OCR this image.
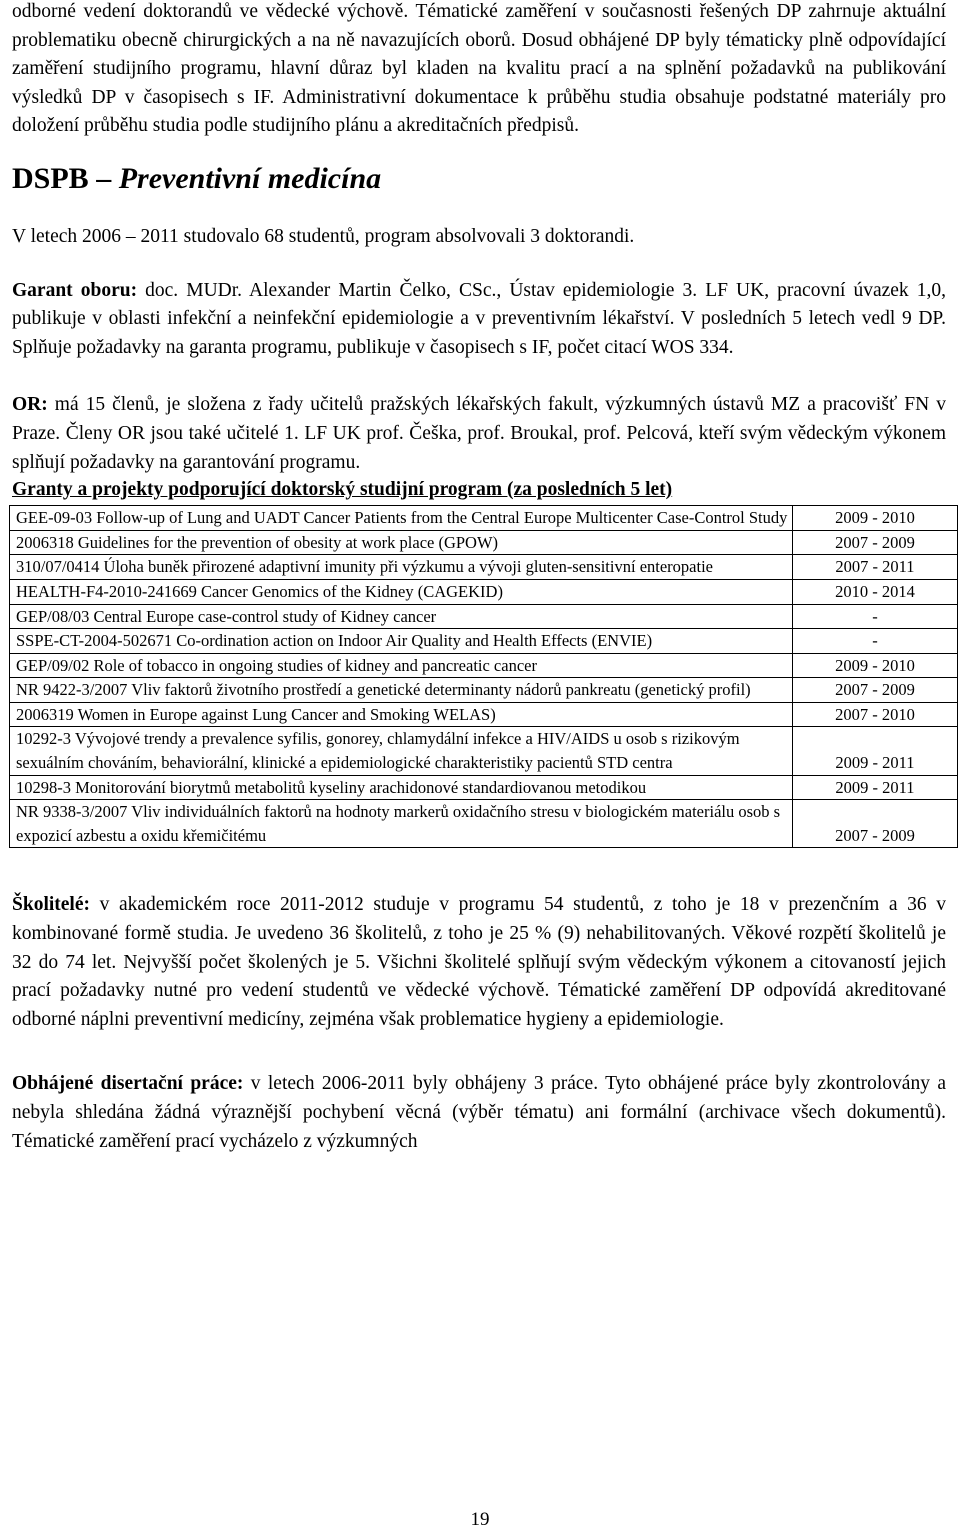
odborné vedení doktorandů ve vědecké výchově. Tématické zaměření v současnosti řešených DP zahrnuje aktuální problematiku obecně chirurgických a na ně navazujících oborů. Dosud obhájené DP byly tématicky plně odpovídající zaměření studijního programu, hlavní důraz byl kladen na kvalitu prací a na splnění požadavků na publikování výsledků DP v časopisech s IF. Administrativní dokumentace k průběhu studia obsahuje podstatné materiály pro doložení průběhu studia podle studijního plánu a akreditačních předpisů.

DSPB – Preventivní medicína

V letech 2006 – 2011 studovalo 68 studentů, program absolvovali 3 doktorandi.

Garant oboru: doc. MUDr. Alexander Martin Čelko, CSc., Ústav epidemiologie 3. LF UK, pracovní úvazek 1,0, publikuje v oblasti infekční a neinfekční epidemiologie a v preventivním lékařství. V posledních 5 letech vedl 9 DP. Splňuje požadavky na garanta programu, publikuje v časopisech s IF, počet citací WOS 334.

OR: má 15 členů, je složena z řady učitelů pražských lékařských fakult, výzkumných ústavů MZ a pracovišť FN v Praze. Členy OR jsou také učitelé 1. LF UK prof. Češka, prof. Broukal, prof. Pelcová, kteří svým vědeckým výkonem splňují požadavky na garantování programu.

Granty a projekty podporující doktorský studijní program (za posledních 5 let)

GEE-09-03 Follow-up of Lung and UADT Cancer Patients from the Central Europe Multicenter Case-Control Study	2009 - 2010
2006318 Guidelines for the prevention of obesity at work place (GPOW)	2007 - 2009
310/07/0414 Úloha buněk přirozené adaptivní imunity při výzkumu a vývoji gluten-sensitivní enteropatie	2007 - 2011
HEALTH-F4-2010-241669 Cancer Genomics of the Kidney (CAGEKID)	2010 - 2014
GEP/08/03 Central Europe case-control study of Kidney cancer	-
SSPE-CT-2004-502671 Co-ordination action on Indoor Air Quality and Health Effects (ENVIE)	-
GEP/09/02 Role of tobacco in ongoing studies of kidney and pancreatic cancer	2009 - 2010
NR 9422-3/2007 Vliv faktorů životního prostředí a genetické determinanty nádorů pankreatu (genetický profil)	2007 - 2009
2006319 Women in Europe against Lung Cancer and Smoking WELAS)	2007 - 2010
10292-3 Vývojové trendy a prevalence syfilis, gonorey, chlamydální infekce a HIV/AIDS u osob s rizikovým sexuálním chováním, behaviorální, klinické a epidemiologické charakteristiky pacientů STD centra	2009 - 2011
10298-3 Monitorování biorytmů metabolitů kyseliny arachidonové standardiovanou metodikou	2009 - 2011
NR 9338-3/2007 Vliv individuálních faktorů na hodnoty markerů oxidačního stresu v biologickém materiálu osob s expozicí azbestu a oxidu křemičitému	2007 - 2009

Školitelé: v akademickém roce 2011-2012 studuje v programu 54 studentů, z toho je 18 v prezenčním a 36 v kombinované formě studia. Je uvedeno 36 školitelů, z toho je 25 % (9) nehabilitovaných. Věkové rozpětí školitelů je 32 do 74 let. Nejvyšší počet školených je 5. Všichni školitelé splňují svým vědeckým výkonem a citovaností jejich prací požadavky nutné pro vedení studentů ve vědecké výchově. Tématické zaměření DP odpovídá akreditované odborné náplni preventivní medicíny, zejména však problematice hygieny a epidemiologie.

Obhájené disertační práce: v letech 2006-2011 byly obhájeny 3 práce. Tyto obhájené práce byly zkontrolovány a nebyla shledána žádná výraznější pochybení věcná (výběr tématu) ani formální (archivace všech dokumentů). Tématické zaměření prací vycházelo z výzkumných

19
